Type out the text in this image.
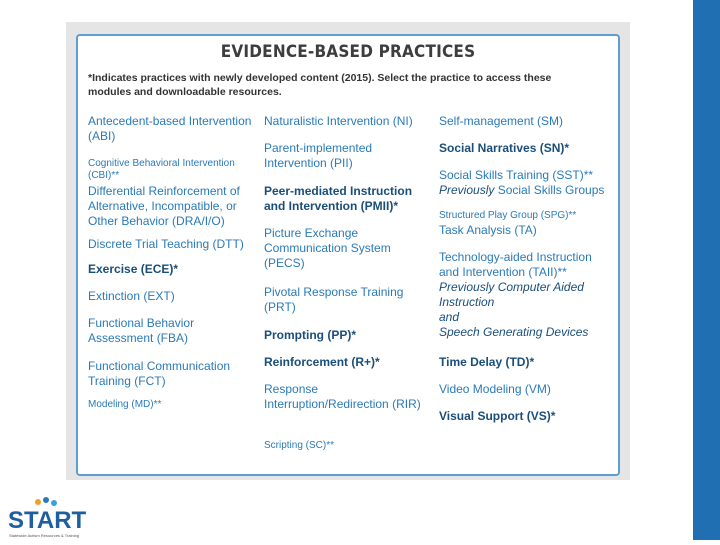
EVIDENCE-BASED PRACTICES
*Indicates practices with newly developed content (2015). Select the practice to access these modules and downloadable resources.
Antecedent-based Intervention (ABI)
Cognitive Behavioral Intervention (CBI)**
Differential Reinforcement of Alternative, Incompatible, or Other Behavior (DRA/I/O)
Discrete Trial Teaching (DTT)
Exercise (ECE)*
Extinction (EXT)
Functional Behavior Assessment (FBA)
Functional Communication Training (FCT)
Modeling (MD)**
Naturalistic Intervention (NI)
Parent-implemented Intervention (PII)
Peer-mediated Instruction and Intervention (PMII)*
Picture Exchange Communication System (PECS)
Pivotal Response Training (PRT)
Prompting (PP)*
Reinforcement (R+)*
Response Interruption/Redirection (RIR)
Scripting (SC)**
Self-management (SM)
Social Narratives (SN)*
Social Skills Training (SST)**
Previously Social Skills Groups
Structured Play Group (SPG)**
Task Analysis (TA)
Technology-aided Instruction and Intervention (TAII)**
Previously Computer Aided Instruction
and
Speech Generating Devices
Time Delay (TD)*
Video Modeling (VM)
Visual Support (VS)*
START
Statewide Autism Resources & Training
